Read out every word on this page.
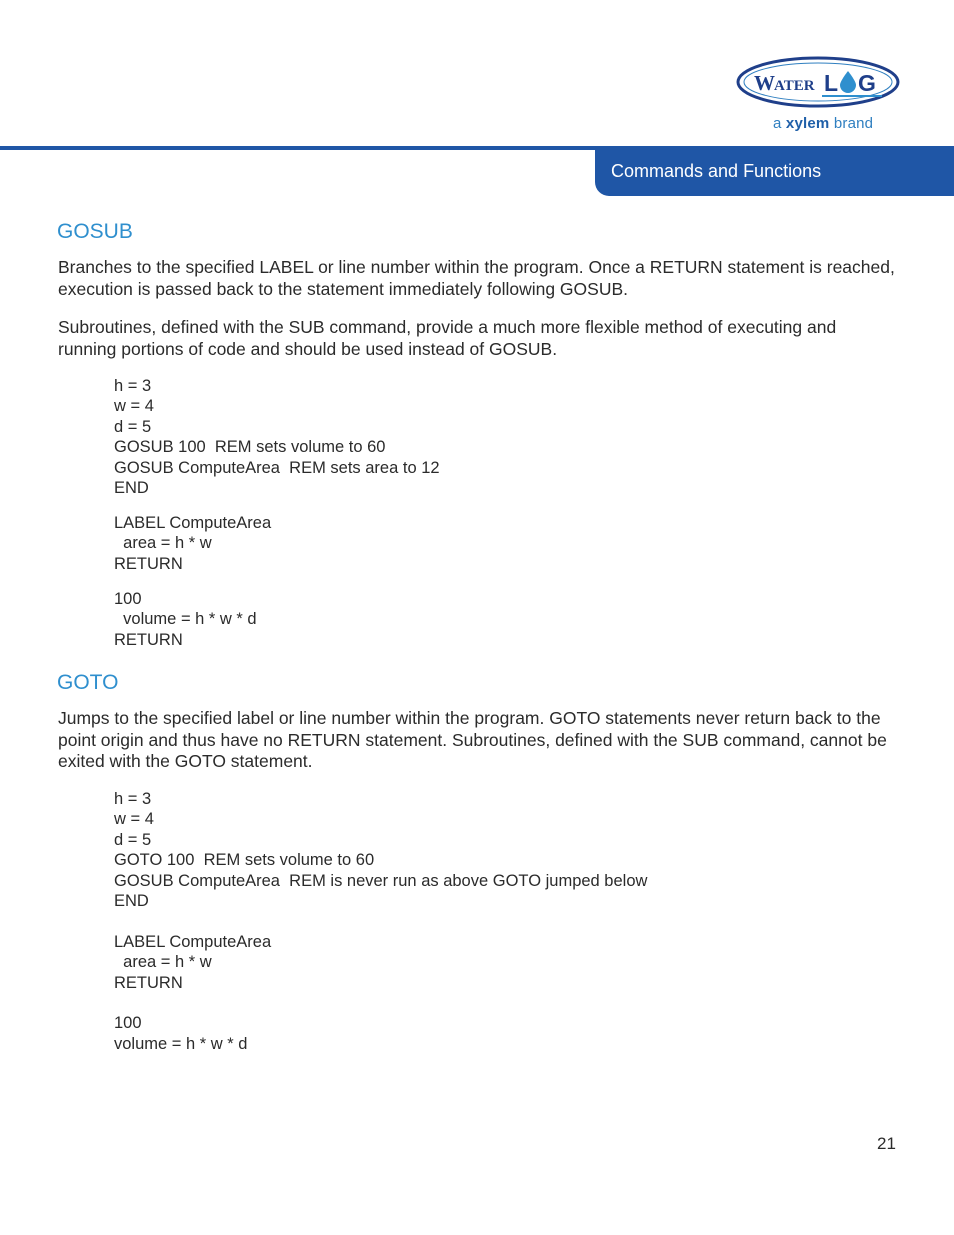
W ATER L G
a xylem brand
Commands and Functions
GOSUB

Branches to the specified LABEL or line number within the program. Once a RETURN statement is reached, execution is passed back to the statement immediately following GOSUB.

Subroutines, defined with the SUB command, provide a much more flexible method of executing and running portions of code and should be used instead of GOSUB.

h = 3
w = 4
d = 5
GOSUB 100  REM sets volume to 60
GOSUB ComputeArea  REM sets area to 12
END
LABEL ComputeArea
area = h * w
RETURN
100
volume = h * w * d
RETURN
GOTO

Jumps to the specified label or line number within the program. GOTO statements never return back to the point origin and thus have no RETURN statement. Subroutines, defined with the SUB command, cannot be exited with the GOTO statement.

h = 3
w = 4
d = 5
GOTO 100  REM sets volume to 60
GOSUB ComputeArea  REM is never run as above GOTO jumped below
END

LABEL ComputeArea
area = h * w
RETURN

100
volume = h * w * d
21
